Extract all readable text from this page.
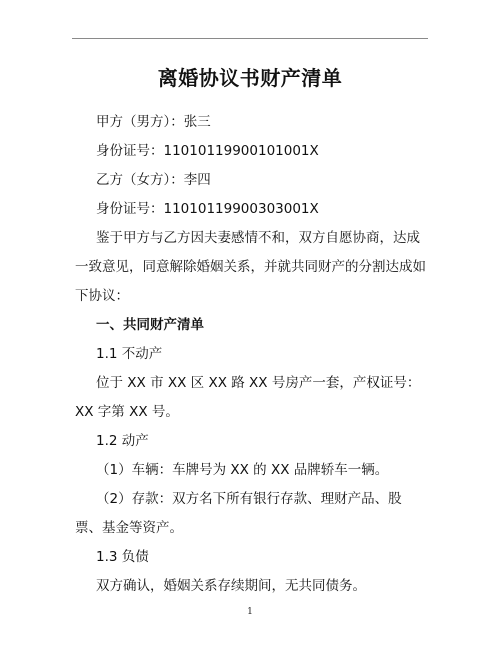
离婚协议书财产清单

甲方（男方）：张三

身份证号：11010119900101001X

乙方（女方）：李四

身份证号：11010119900303001X

鉴于甲方与乙方因夫妻感情不和，双方自愿协商，达成一致意见，同意解除婚姻关系，并就共同财产的分割达成如下协议：

一、共同财产清单

1.1 不动产

位于 XX 市 XX 区 XX 路 XX 号房产一套，产权证号：XX 字第 XX 号。

1.2 动产

（1）车辆：车牌号为 XX 的 XX 品牌轿车一辆。

（2）存款：双方名下所有银行存款、理财产品、股票、基金等资产。

1.3 负债

双方确认，婚姻关系存续期间，无共同债务。

1
